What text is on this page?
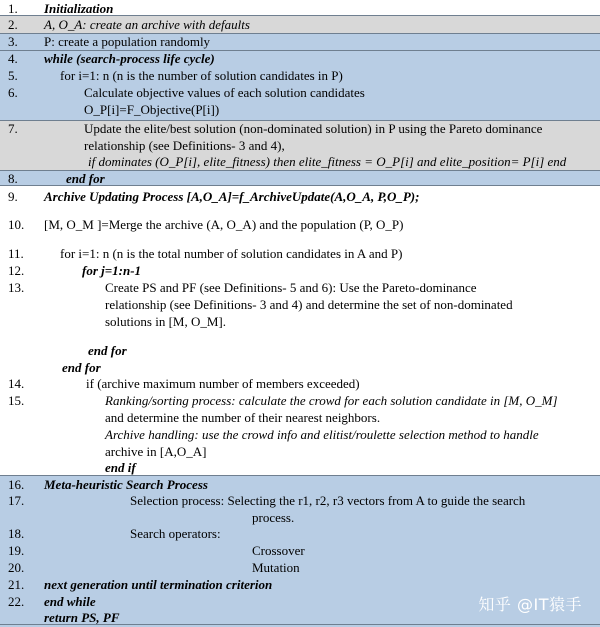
1.
2.
3.
4.
5.
6.
7.
8.
9.
10.
11.
12.
13.
14.
15.
16.
17.
18.
19.
20.
21.
22.
Initialization
A, O_A: create an archive with defaults
P: create a population randomly
while (search-process life cycle)
for i=1: n (n is the number of solution candidates in P)
Calculate objective values of each solution candidates
O_P[i]=F_Objective(P[i])
Update the elite/best solution (non-dominated solution) in P using the Pareto dominance
relationship (see Definitions- 3 and 4),
if dominates (O_P[i], elite_fitness) then elite_fitness = O_P[i] and elite_position= P[i] end
end for
Archive Updating Process [A,O_A]=f_ArchiveUpdate(A,O_A, P,O_P);
[M, O_M ]=Merge the archive (A, O_A) and the population (P, O_P)
for i=1: n (n is the total number of solution candidates in A and P)
for j=1:n-1
Create PS and PF (see Definitions- 5 and 6): Use the Pareto-dominance
relationship (see Definitions- 3 and 4) and determine the set of non-dominated
solutions in [M, O_M].
end for
end for
if (archive maximum number of members exceeded)
Ranking/sorting process: calculate the crowd for each solution candidate in [M, O_M]
and determine the number of their nearest neighbors.
Archive handling: use the crowd info and elitist/roulette selection method to handle
archive in [A,O_A]
end if
Meta-heuristic Search Process
Selection process: Selecting the r1, r2, r3 vectors from A to guide the search
process.
Search operators:
Crossover
Mutation
next generation until termination criterion
end while
return PS, PF
知乎 @IT猿手
